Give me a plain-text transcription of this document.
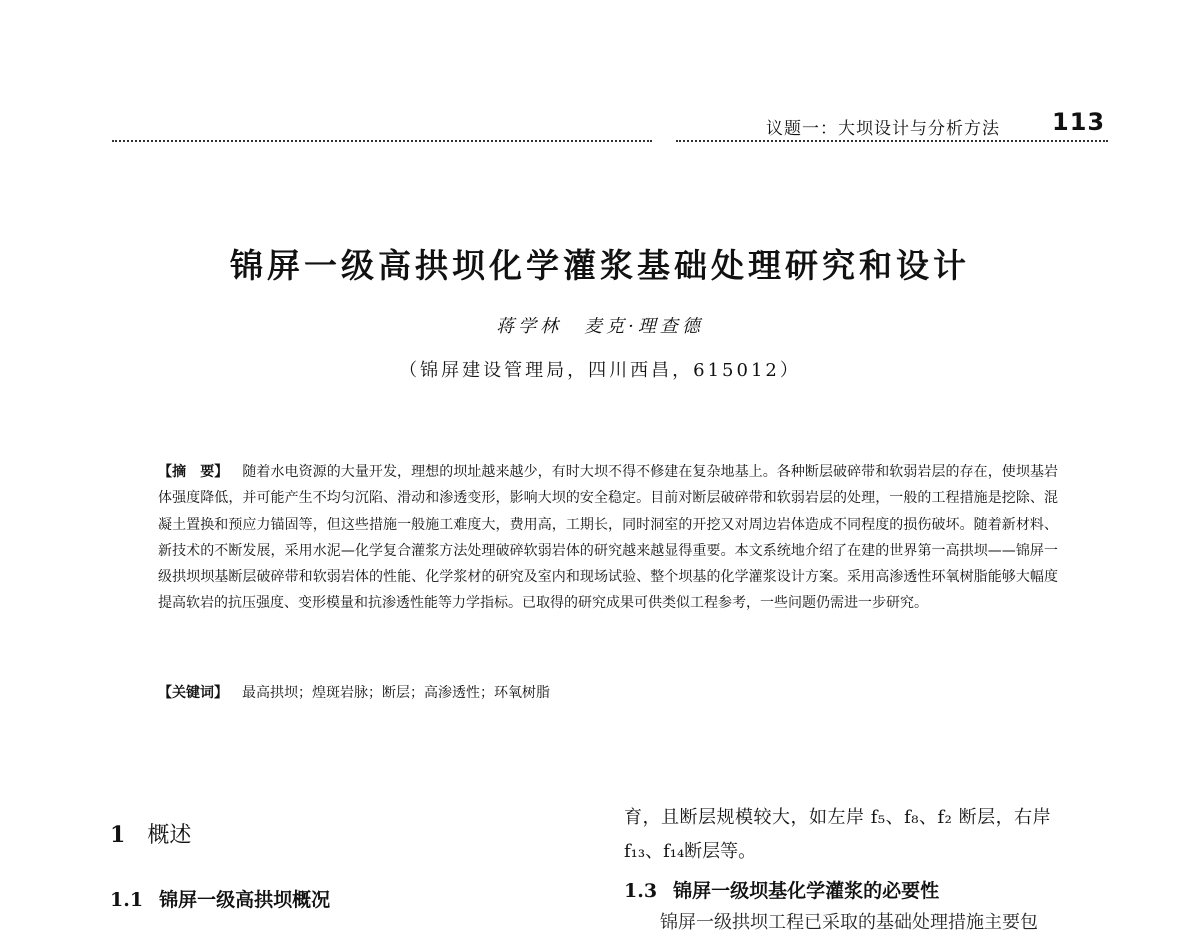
议题一：大坝设计与分析方法 113
锦屏一级高拱坝化学灌浆基础处理研究和设计
蒋学林　麦克·理查德
（锦屏建设管理局，四川西昌，615012）
【摘　要】 随着水电资源的大量开发，理想的坝址越来越少，有时大坝不得不修建在复杂地基上。各种断层破碎带和软弱岩层的存在，使坝基岩体强度降低，并可能产生不均匀沉陷、滑动和渗透变形，影响大坝的安全稳定。目前对断层破碎带和软弱岩层的处理，一般的工程措施是挖除、混凝土置换和预应力锚固等，但这些措施一般施工难度大，费用高，工期长，同时洞室的开挖又对周边岩体造成不同程度的损伤破坏。随着新材料、新技术的不断发展，采用水泥—化学复合灌浆方法处理破碎软弱岩体的研究越来越显得重要。本文系统地介绍了在建的世界第一高拱坝——锦屏一级拱坝坝基断层破碎带和软弱岩体的性能、化学浆材的研究及室内和现场试验、整个坝基的化学灌浆设计方案。采用高渗透性环氧树脂能够大幅度提高软岩的抗压强度、变形模量和抗渗透性能等力学指标。已取得的研究成果可供类似工程参考，一些问题仍需进一步研究。
【关键词】 最高拱坝；煌斑岩脉；断层；高渗透性；环氧树脂
1 概述
1.1 锦屏一级高拱坝概况
育，且断层规模较大，如左岸 f₅、f₈、f₂ 断层，右岸
f₁₃、f₁₄断层等。
1.3 锦屏一级坝基化学灌浆的必要性
锦屏一级拱坝工程已采取的基础处理措施主要包
